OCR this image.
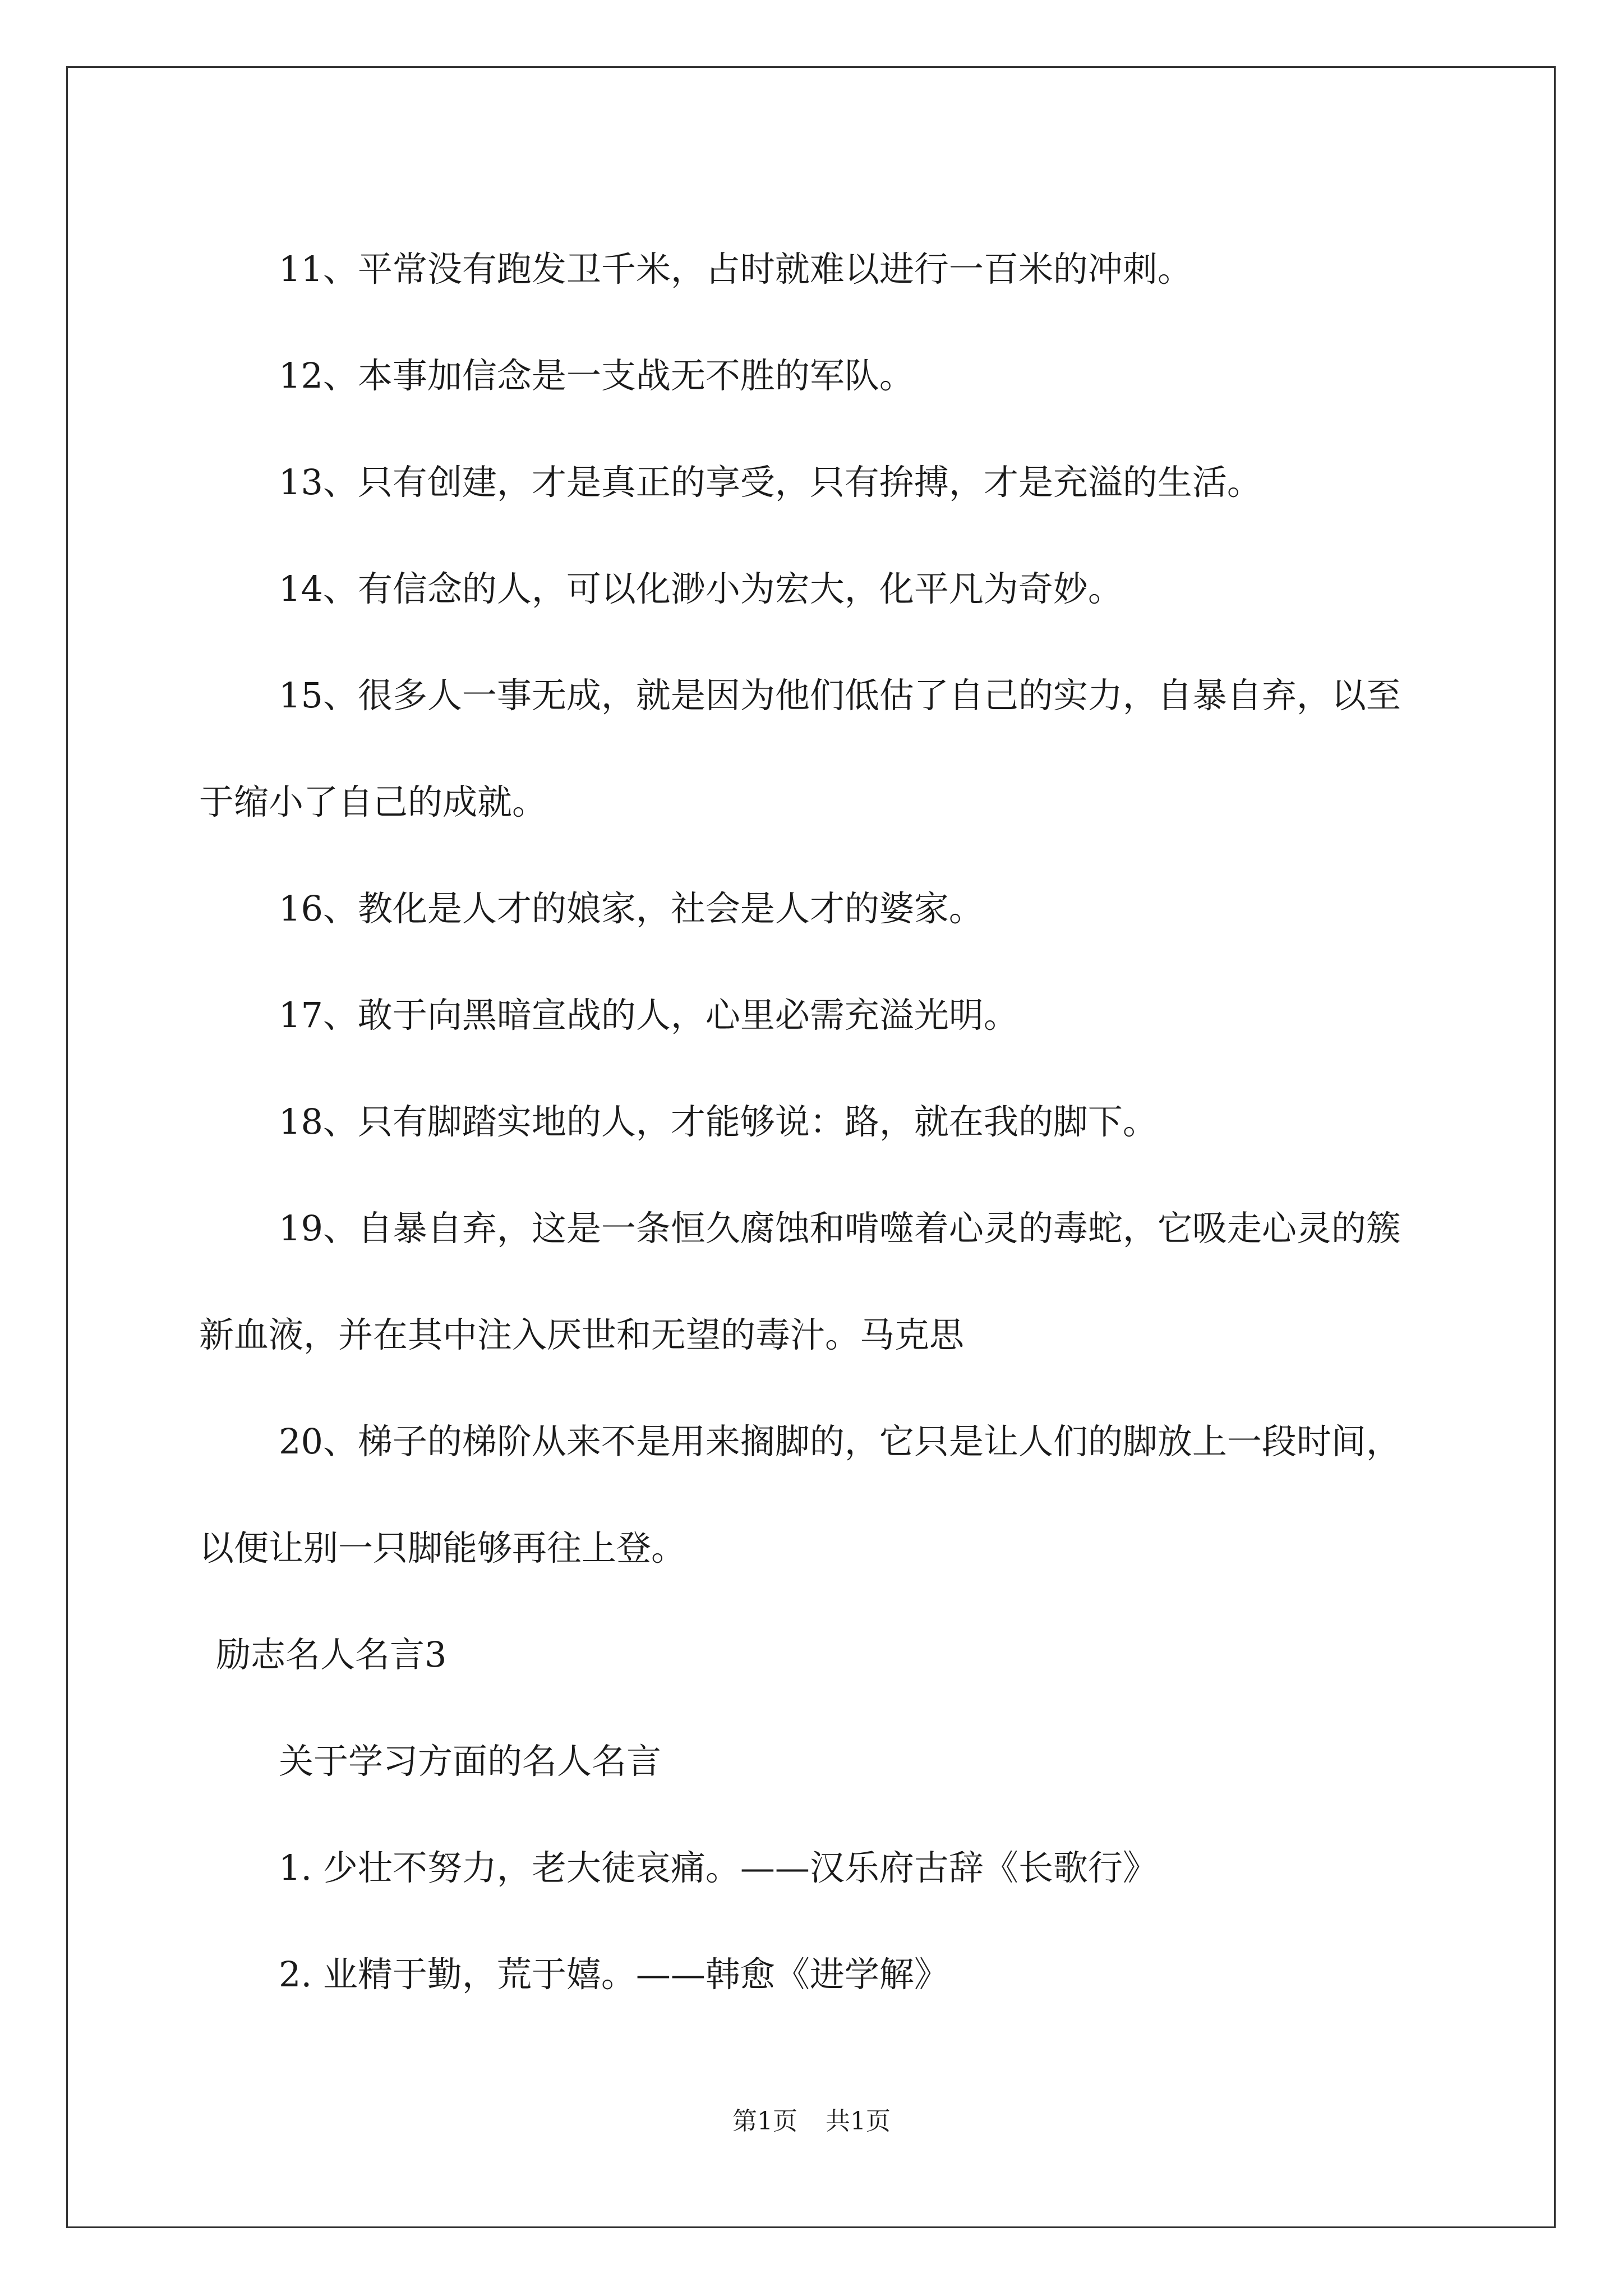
11、平常没有跑发卫千米，占时就难以进行一百米的冲刺。

12、本事加信念是一支战无不胜的军队。

13、只有创建，才是真正的享受，只有拚搏，才是充溢的生活。

14、有信念的人，可以化渺小为宏大，化平凡为奇妙。

15、很多人一事无成，就是因为他们低估了自己的实力，自暴自弃，以至于缩小了自己的成就。

16、教化是人才的娘家，社会是人才的婆家。

17、敢于向黑暗宣战的人，心里必需充溢光明。

18、只有脚踏实地的人，才能够说：路，就在我的脚下。

19、自暴自弃，这是一条恒久腐蚀和啃噬着心灵的毒蛇，它吸走心灵的簇新血液，并在其中注入厌世和无望的毒汁。马克思

20、梯子的梯阶从来不是用来搁脚的，它只是让人们的脚放上一段时间，以便让别一只脚能够再往上登。

励志名人名言3

关于学习方面的名人名言

1. 少壮不努力，老大徒哀痛。——汉乐府古辞《长歌行》

2. 业精于勤，荒于嬉。——韩愈《进学解》

第1页 共1页
